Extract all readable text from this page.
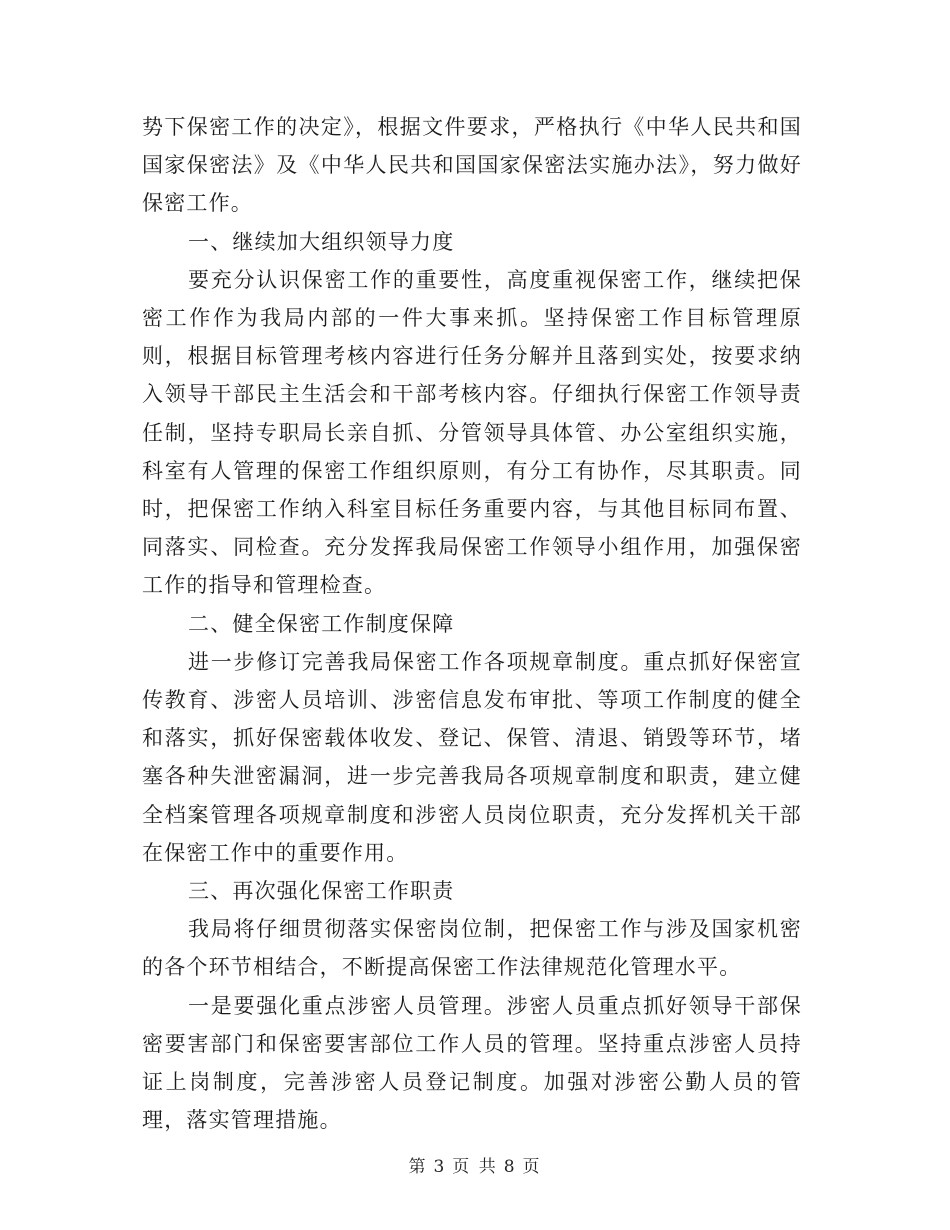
势下保密工作的决定》，根据文件要求，严格执行《中华人民共和国国家保密法》及《中华人民共和国国家保密法实施办法》，努力做好保密工作。

一、继续加大组织领导力度

要充分认识保密工作的重要性，高度重视保密工作，继续把保密工作作为我局内部的一件大事来抓。坚持保密工作目标管理原则，根据目标管理考核内容进行任务分解并且落到实处，按要求纳入领导干部民主生活会和干部考核内容。仔细执行保密工作领导责任制，坚持专职局长亲自抓、分管领导具体管、办公室组织实施，科室有人管理的保密工作组织原则，有分工有协作，尽其职责。同时，把保密工作纳入科室目标任务重要内容，与其他目标同布置、同落实、同检查。充分发挥我局保密工作领导小组作用，加强保密工作的指导和管理检查。

二、健全保密工作制度保障

进一步修订完善我局保密工作各项规章制度。重点抓好保密宣传教育、涉密人员培训、涉密信息发布审批、等项工作制度的健全和落实，抓好保密载体收发、登记、保管、清退、销毁等环节，堵塞各种失泄密漏洞，进一步完善我局各项规章制度和职责，建立健全档案管理各项规章制度和涉密人员岗位职责，充分发挥机关干部在保密工作中的重要作用。

三、再次强化保密工作职责

我局将仔细贯彻落实保密岗位制，把保密工作与涉及国家机密的各个环节相结合，不断提高保密工作法律规范化管理水平。

一是要强化重点涉密人员管理。涉密人员重点抓好领导干部保密要害部门和保密要害部位工作人员的管理。坚持重点涉密人员持证上岗制度，完善涉密人员登记制度。加强对涉密公勤人员的管理，落实管理措施。

第 3 页 共 8 页
